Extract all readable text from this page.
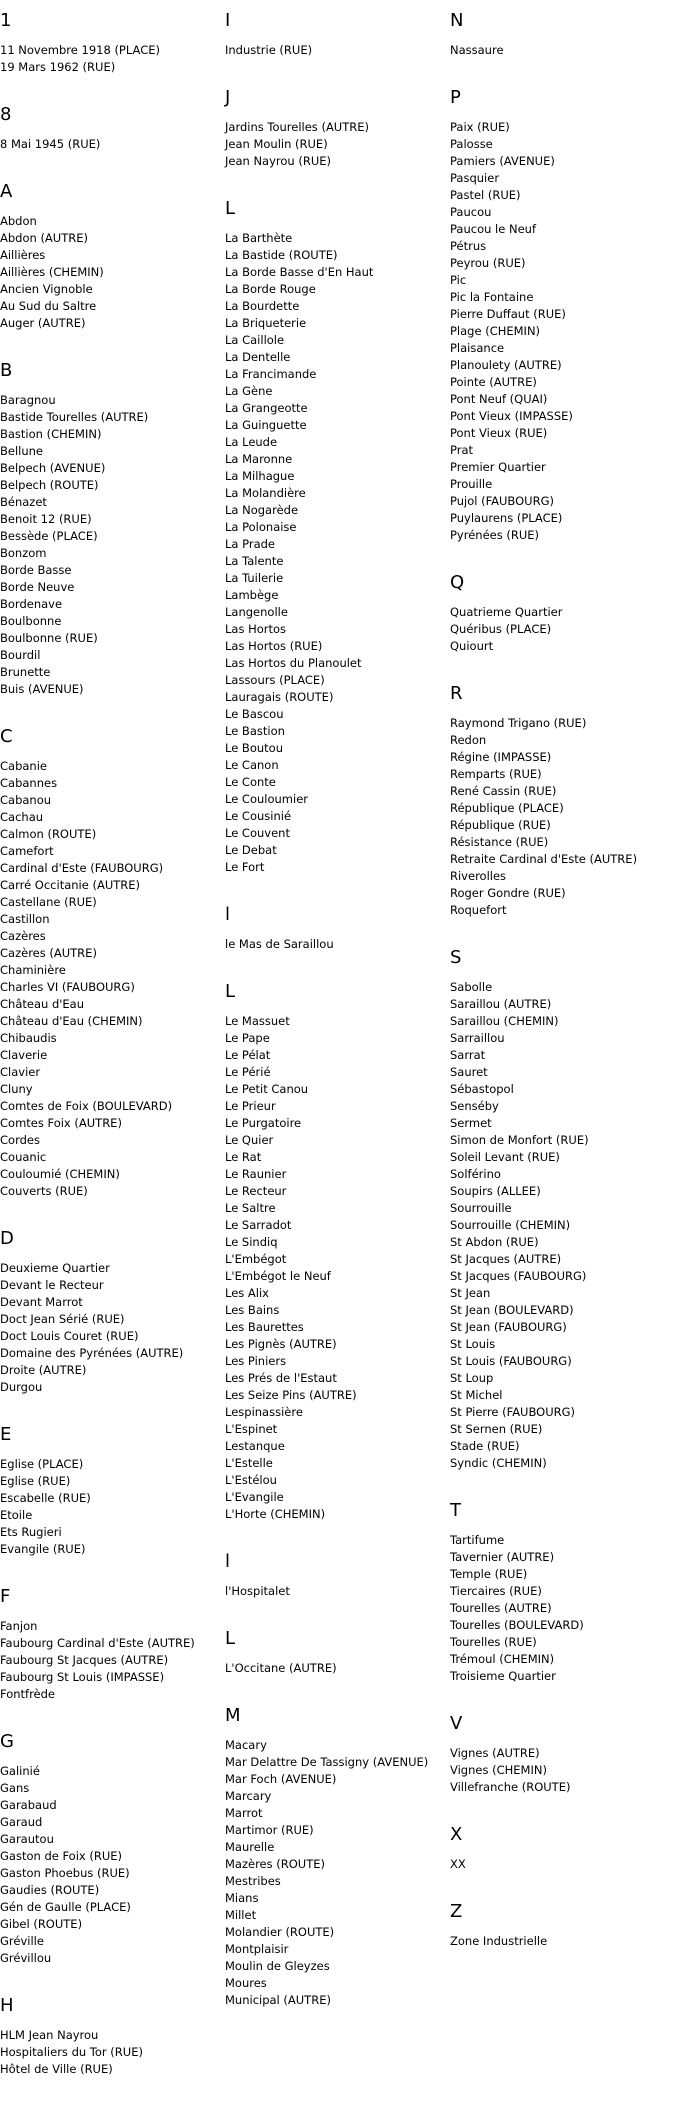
1
11 Novembre 1918 (PLACE)
19 Mars 1962 (RUE)
8
8 Mai 1945 (RUE)
A
Abdon
Abdon (AUTRE)
Aillières
Aillières (CHEMIN)
Ancien Vignoble
Au Sud du Saltre
Auger (AUTRE)
B
Baragnou
Bastide Tourelles (AUTRE)
Bastion (CHEMIN)
Bellune
Belpech (AVENUE)
Belpech (ROUTE)
Bénazet
Benoit 12 (RUE)
Bessède (PLACE)
Bonzom
Borde Basse
Borde Neuve
Bordenave
Boulbonne
Boulbonne (RUE)
Bourdil
Brunette
Buis (AVENUE)
C
Cabanie
Cabannes
Cabanou
Cachau
Calmon (ROUTE)
Camefort
Cardinal d'Este (FAUBOURG)
Carré Occitanie (AUTRE)
Castellane (RUE)
Castillon
Cazères
Cazères (AUTRE)
Chaminière
Charles VI (FAUBOURG)
Château d'Eau
Château d'Eau (CHEMIN)
Chibaudis
Claverie
Clavier
Cluny
Comtes de Foix (BOULEVARD)
Comtes Foix (AUTRE)
Cordes
Couanic
Couloumié (CHEMIN)
Couverts (RUE)
D
Deuxieme Quartier
Devant le Recteur
Devant Marrot
Doct Jean Sérié (RUE)
Doct Louis Couret (RUE)
Domaine des Pyrénées (AUTRE)
Droite (AUTRE)
Durgou
E
Eglise (PLACE)
Eglise (RUE)
Escabelle (RUE)
Etoile
Ets Rugieri
Evangile (RUE)
F
Fanjon
Faubourg Cardinal d'Este (AUTRE)
Faubourg St Jacques (AUTRE)
Faubourg St Louis (IMPASSE)
Fontfrède
G
Galinié
Gans
Garabaud
Garaud
Garautou
Gaston de Foix (RUE)
Gaston Phoebus (RUE)
Gaudies (ROUTE)
Gén de Gaulle (PLACE)
Gibel (ROUTE)
Gréville
Grévillou
H
HLM Jean Nayrou
Hospitaliers du Tor (RUE)
Hôtel de Ville (RUE)
I
Industrie (RUE)
J
Jardins Tourelles (AUTRE)
Jean Moulin (RUE)
Jean Nayrou (RUE)
L
La Barthète
La Bastide (ROUTE)
La Borde Basse d'En Haut
La Borde Rouge
La Bourdette
La Briqueterie
La Caillole
La Dentelle
La Francimande
La Gène
La Grangeotte
La Guinguette
La Leude
La Maronne
La Milhague
La Molandière
La Nogarède
La Polonaise
La Prade
La Talente
La Tuilerie
Lambège
Langenolle
Las Hortos
Las Hortos (RUE)
Las Hortos du Planoulet
Lassours (PLACE)
Lauragais (ROUTE)
Le Bascou
Le Bastion
Le Boutou
Le Canon
Le Conte
Le Couloumier
Le Cousinié
Le Couvent
Le Debat
Le Fort
l
le Mas de Saraillou
L
Le Massuet
Le Pape
Le Pélat
Le Périé
Le Petit Canou
Le Prieur
Le Purgatoire
Le Quier
Le Rat
Le Raunier
Le Recteur
Le Saltre
Le Sarradot
Le Sindiq
L'Embégot
L'Embégot le Neuf
Les Alix
Les Bains
Les Baurettes
Les Pignès (AUTRE)
Les Piniers
Les Prés de l'Estaut
Les Seize Pins (AUTRE)
Lespinassière
L'Espinet
Lestanque
L'Estelle
L'Estélou
L'Evangile
L'Horte (CHEMIN)
l
l'Hospitalet
L
L'Occitane (AUTRE)
M
Macary
Mar Delattre De Tassigny (AVENUE)
Mar Foch (AVENUE)
Marcary
Marrot
Martimor (RUE)
Maurelle
Mazères (ROUTE)
Mestribes
Mians
Millet
Molandier (ROUTE)
Montplaisir
Moulin de Gleyzes
Moures
Municipal (AUTRE)
N
Nassaure
P
Paix (RUE)
Palosse
Pamiers (AVENUE)
Pasquier
Pastel (RUE)
Paucou
Paucou le Neuf
Pétrus
Peyrou (RUE)
Pic
Pic la Fontaine
Pierre Duffaut (RUE)
Plage (CHEMIN)
Plaisance
Planoulety (AUTRE)
Pointe (AUTRE)
Pont Neuf (QUAI)
Pont Vieux (IMPASSE)
Pont Vieux (RUE)
Prat
Premier Quartier
Prouille
Pujol (FAUBOURG)
Puylaurens (PLACE)
Pyrénées (RUE)
Q
Quatrieme Quartier
Quéribus (PLACE)
Quiourt
R
Raymond Trigano (RUE)
Redon
Régine (IMPASSE)
Remparts (RUE)
René Cassin (RUE)
République (PLACE)
République (RUE)
Résistance (RUE)
Retraite Cardinal d'Este (AUTRE)
Riverolles
Roger Gondre (RUE)
Roquefort
S
Sabolle
Saraillou (AUTRE)
Saraillou (CHEMIN)
Sarraillou
Sarrat
Sauret
Sébastopol
Senséby
Sermet
Simon de Monfort (RUE)
Soleil Levant (RUE)
Solférino
Soupirs (ALLEE)
Sourrouille
Sourrouille (CHEMIN)
St Abdon (RUE)
St Jacques (AUTRE)
St Jacques (FAUBOURG)
St Jean
St Jean (BOULEVARD)
St Jean (FAUBOURG)
St Louis
St Louis (FAUBOURG)
St Loup
St Michel
St Pierre (FAUBOURG)
St Sernen (RUE)
Stade (RUE)
Syndic (CHEMIN)
T
Tartifume
Tavernier (AUTRE)
Temple (RUE)
Tiercaires (RUE)
Tourelles (AUTRE)
Tourelles (BOULEVARD)
Tourelles (RUE)
Trémoul (CHEMIN)
Troisieme Quartier
V
Vignes (AUTRE)
Vignes (CHEMIN)
Villefranche (ROUTE)
X
XX
Z
Zone Industrielle
